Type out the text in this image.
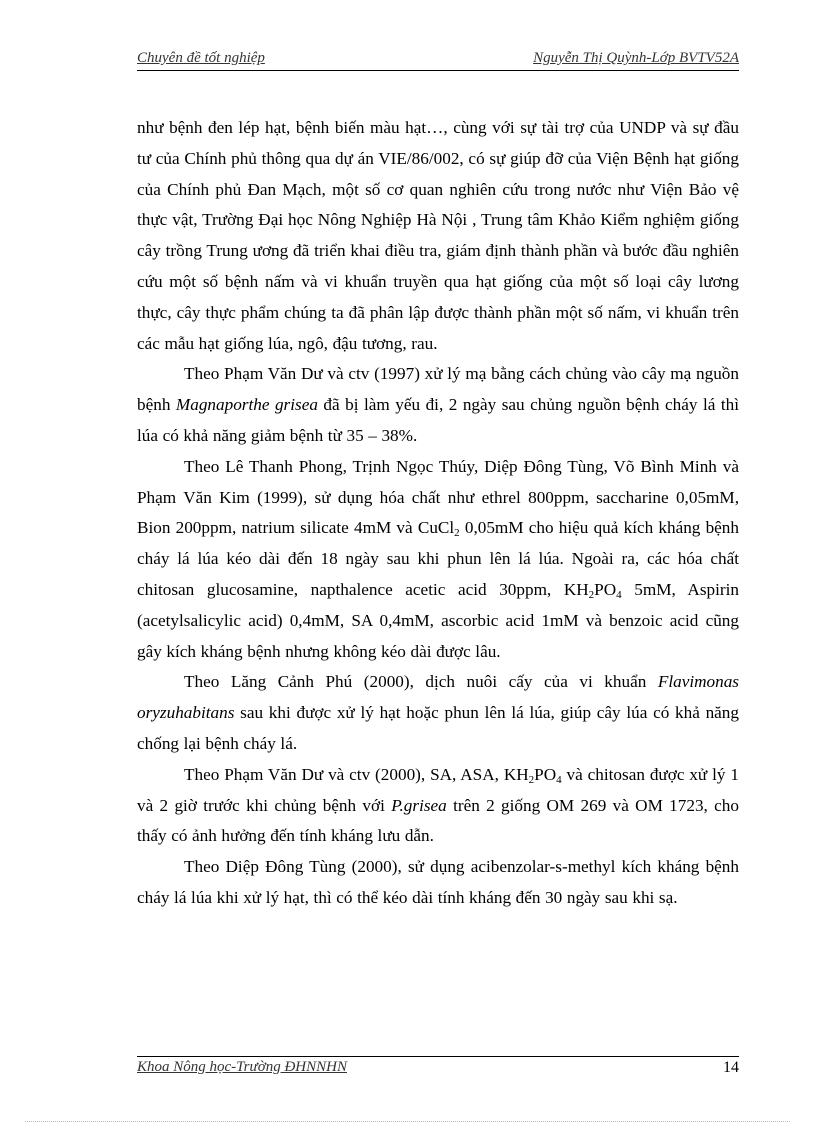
Chuyên đề tốt nghiệp	Nguyễn Thị Quỳnh-Lớp BVTV52A

như bệnh đen lép hạt, bệnh biến màu hạt…, cùng với sự tài trợ của UNDP và sự đầu tư của Chính phủ thông qua dự án VIE/86/002, có sự giúp đỡ của Viện Bệnh hạt giống của Chính phủ Đan Mạch, một số cơ quan nghiên cứu trong nước như Viện Bảo vệ thực vật, Trường Đại học Nông Nghiệp Hà Nội , Trung tâm Khảo Kiểm nghiệm giống cây trồng Trung ương đã triển khai điều tra, giám định thành phần và bước đầu nghiên cứu một số bệnh nấm và vi khuẩn truyền qua hạt giống của một số loại cây lương thực, cây thực phẩm chúng ta đã phân lập được thành phần một số nấm, vi khuẩn trên các mẫu hạt giống lúa, ngô, đậu tương, rau.

Theo Phạm Văn Dư và ctv (1997) xử lý mạ bằng cách chủng vào cây mạ nguồn bệnh Magnaporthe grisea đã bị làm yếu đi, 2 ngày sau chủng nguồn bệnh cháy lá thì lúa có khả năng giảm bệnh từ 35 – 38%.

Theo Lê Thanh Phong, Trịnh Ngọc Thúy, Diệp Đông Tùng, Võ Bình Minh và Phạm Văn Kim (1999), sử dụng hóa chất như ethrel 800ppm, saccharine 0,05mM, Bion 200ppm, natrium silicate 4mM và CuCl$_2$ 0,05mM cho hiệu quả kích kháng bệnh cháy lá lúa kéo dài đến 18 ngày sau khi phun lên lá lúa. Ngoài ra, các hóa chất chitosan glucosamine, napthalence acetic acid 30ppm, $KH_2PO_4$ 5mM, Aspirin (acetylsalicylic acid) 0,4mM, SA 0,4mM, ascorbic acid 1mM và benzoic acid cũng gây kích kháng bệnh nhưng không kéo dài được lâu.

Theo Lăng Cảnh Phú (2000), dịch nuôi cấy của vi khuẩn Flavimonas oryzuhabitans sau khi được xử lý hạt hoặc phun lên lá lúa, giúp cây lúa có khả năng chống lại bệnh cháy lá.

Theo Phạm Văn Dư và ctv (2000), SA, ASA, $KH_2PO_4$ và chitosan được xử lý 1 và 2 giờ trước khi chủng bệnh với P.grisea trên 2 giống OM 269 và OM 1723, cho thấy có ảnh hưởng đến tính kháng lưu dẫn.

Theo Diệp Đông Tùng (2000), sử dụng acibenzolar-s-methyl kích kháng bệnh cháy lá lúa khi xử lý hạt, thì có thể kéo dài tính kháng đến 30 ngày sau khi sạ.

Khoa Nông học-Trường ĐHNNHN	14
